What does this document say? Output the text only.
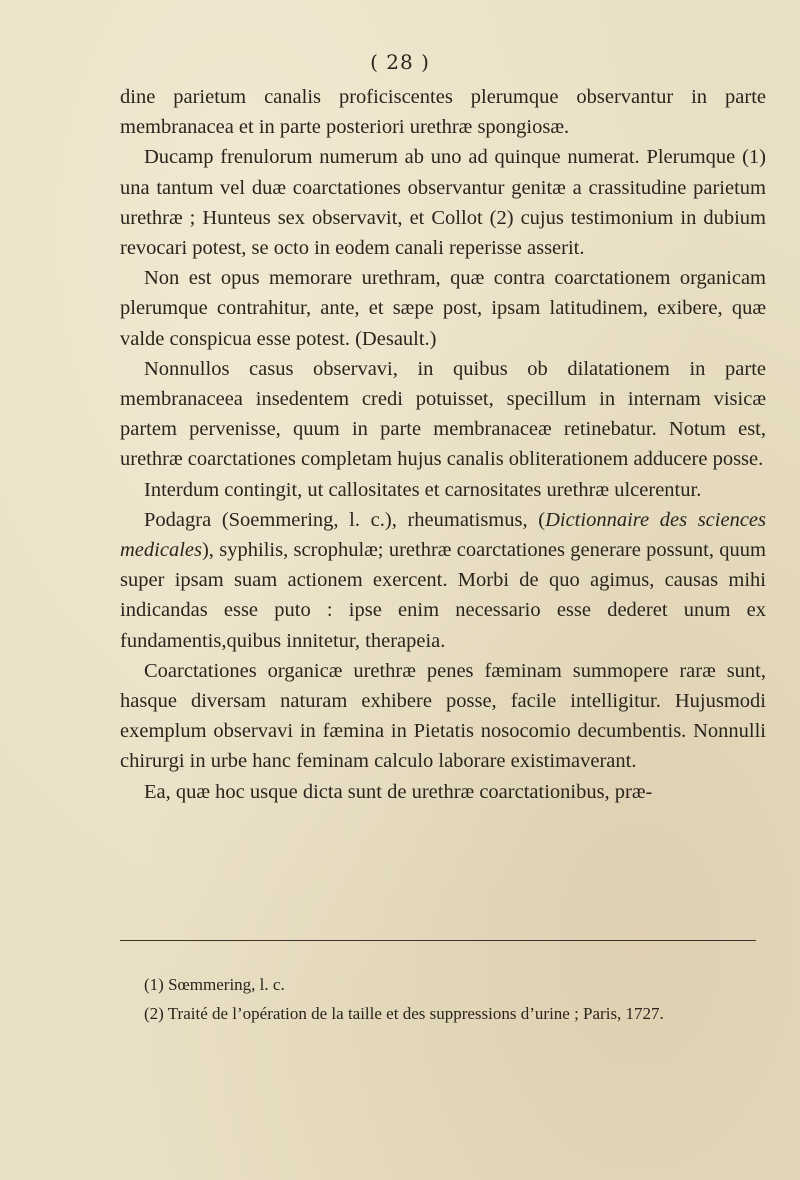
( 28 )

dine parietum canalis proficiscentes plerumque observantur in parte membranacea et in parte posteriori urethræ spongiosæ.

Ducamp frenulorum numerum ab uno ad quinque numerat. Plerumque (1) una tantum vel duæ coarctationes observantur genitæ a crassitudine parietum urethræ ; Hunteus sex observavit, et Collot (2) cujus testimonium in dubium revocari potest, se octo in eodem canali reperisse asserit.

Non est opus memorare urethram, quæ contra coarctationem organicam plerumque contrahitur, ante, et sæpe post, ipsam latitudinem, exibere, quæ valde conspicua esse potest. (Desault.)

Nonnullos casus observavi, in quibus ob dilatationem in parte membranaceea insedentem credi potuisset, specillum in internam visicæ partem pervenisse, quum in parte membranaceæ retinebatur. Notum est, urethræ coarctationes completam hujus canalis obliterationem adducere posse.

Interdum contingit, ut callositates et carnositates urethræ ulcerentur.

Podagra (Soemmering, l. c.), rheumatismus, (Dictionnaire des sciences medicales), syphilis, scrophulæ; urethræ coarctationes generare possunt, quum super ipsam suam actionem exercent. Morbi de quo agimus, causas mihi indicandas esse puto : ipse enim necessario esse dederet unum ex fundamentis,quibus innitetur, therapeia.

Coarctationes organicæ urethræ penes fæminam summopere raræ sunt, hasque diversam naturam exhibere posse, facile intelligitur. Hujusmodi exemplum observavi in fæmina in Pietatis nosocomio decumbentis. Nonnulli chirurgi in urbe hanc feminam calculo laborare existimaverant.

Ea, quæ hoc usque dicta sunt de urethræ coarctationibus, præ-

(1) Sœmmering, l. c.

(2) Traité de l’opération de la taille et des suppressions d’urine ; Paris, 1727.
